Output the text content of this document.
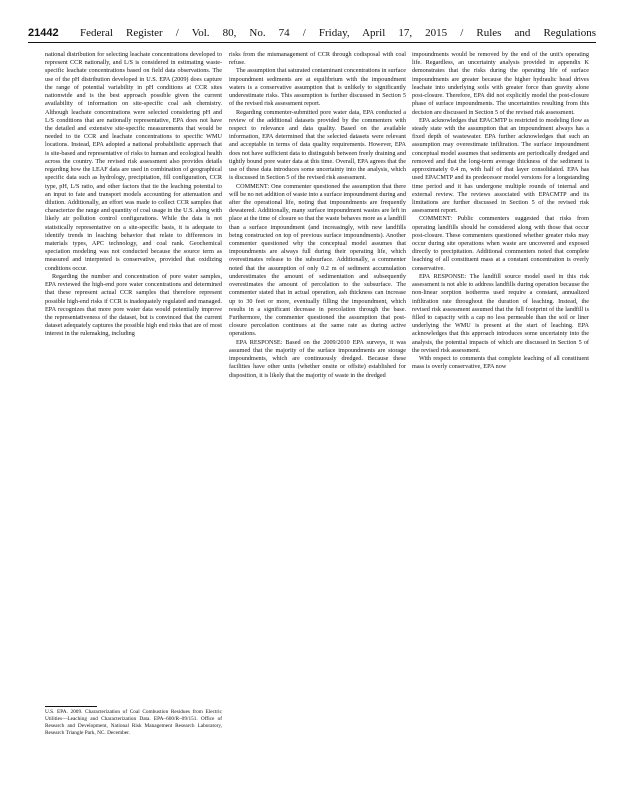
21442 Federal Register / Vol. 80, No. 74 / Friday, April 17, 2015 / Rules and Regulations

national distribution for selecting leachate concentrations developed to represent CCR nationally, and L/S is considered in estimating waste-specific leachate concentrations based on field data observations. The use of the pH distribution developed in U.S. EPA (2009) does capture the range of potential variability in pH conditions at CCR sites nationwide and is the best approach possible given the current availability of information on site-specific coal ash chemistry. Although leachate concentrations were selected considering pH and L/S conditions that are nationally representative, EPA does not have the detailed and extensive site-specific measurements that would be needed to tie CCR and leachate concentrations to specific WMU locations. Instead, EPA adopted a national probabilistic approach that is site-based and representative of risks to human and ecological health across the country. The revised risk assessment also provides details regarding how the LEAF data are used in combination of geographical specific data such as hydrology, precipitation, fill configuration, CCR type, pH, L/S ratio, and other factors that tie the leaching potential to an input to fate and transport models accounting for attenuation and dilution. Additionally, an effort was made to collect CCR samples that characterize the range and quantity of coal usage in the U.S. along with likely air pollution control configurations. While the data is not statistically representative on a site-specific basis, it is adequate to identify trends in leaching behavior that relate to differences in materials types, APC technology, and coal rank. Geochemical speciation modeling was not conducted because the source term as measured and interpreted is conservative, provided that oxidizing conditions occur.

Regarding the number and concentration of pore water samples, EPA reviewed the high-end pore water concentrations and determined that these represent actual CCR samples that therefore represent possible high-end risks if CCR is inadequately regulated and managed. EPA recognizes that more pore water data would potentially improve the representativeness of the dataset, but is convinced that the current dataset adequately captures the possible high end risks that are of most interest in the rulemaking, including

risks from the mismanagement of CCR through codisposal with coal refuse.

The assumption that saturated contaminant concentrations in surface impoundment sediments are at equilibrium with the impoundment waters is a conservative assumption that is unlikely to significantly underestimate risks. This assumption is further discussed in Section 5 of the revised risk assessment report.

Regarding commenter-submitted pore water data, EPA conducted a review of the additional datasets provided by the commenters with respect to relevance and data quality. Based on the available information, EPA determined that the selected datasets were relevant and acceptable in terms of data quality requirements. However, EPA does not have sufficient data to distinguish between freely draining and tightly bound pore water data at this time. Overall, EPA agrees that the use of these data introduces some uncertainty into the analysis, which is discussed in Section 5 of the revised risk assessment.

COMMENT: One commenter questioned the assumption that there will be no net addition of waste into a surface impoundment during and after the operational life, noting that impoundments are frequently dewatered. Additionally, many surface impoundment wastes are left in place at the time of closure so that the waste behaves more as a landfill than a surface impoundment (and increasingly, with new landfills being constructed on top of previous surface impoundments). Another commenter questioned why the conceptual model assumes that impoundments are always full during their operating life, which overestimates release to the subsurface. Additionally, a commenter noted that the assumption of only 0.2 m of sediment accumulation underestimates the amount of sedimentation and subsequently overestimates the amount of percolation to the subsurface. The commenter stated that in actual operation, ash thickness can increase up to 30 feet or more, eventually filling the impoundment, which results in a significant decrease in percolation through the base. Furthermore, the commenter questioned the assumption that post-closure percolation continues at the same rate as during active operations.

EPA RESPONSE: Based on the 2009/2010 EPA surveys, it was assumed that the majority of the surface impoundments are storage impoundments, which are continuously dredged. Because these facilities have other units (whether onsite or offsite) established for disposition, it is likely that the majority of waste in the dredged

impoundments would be removed by the end of the unit's operating life. Regardless, an uncertainty analysis provided in appendix K demonstrates that the risks during the operating life of surface impoundments are greater because the higher hydraulic head drives leachate into underlying soils with greater force than gravity alone post-closure. Therefore, EPA did not explicitly model the post-closure phase of surface impoundments. The uncertainties resulting from this decision are discussed in Section 5 of the revised risk assessment.

EPA acknowledges that EPACMTP is restricted to modeling flow as steady state with the assumption that an impoundment always has a fixed depth of wastewater. EPA further acknowledges that such an assumption may overestimate infiltration. The surface impoundment conceptual model assumes that sediments are periodically dredged and removed and that the long-term average thickness of the sediment is approximately 0.4 m, with half of that layer consolidated. EPA has used EPACMTP and its predecessor model versions for a longstanding time period and it has undergone multiple rounds of internal and external review. The reviews associated with EPACMTP and its limitations are further discussed in Section 5 of the revised risk assessment report.

COMMENT: Public commenters suggested that risks from operating landfills should be considered along with those that occur post-closure. These commenters questioned whether greater risks may occur during site operations when waste are uncovered and exposed directly to precipitation. Additional commenters noted that complete leaching of all constituent mass at a constant concentration is overly conservative.

EPA RESPONSE: The landfill source model used in this risk assessment is not able to address landfills during operation because the non-linear sorption isotherms used require a constant, annualized infiltration rate throughout the duration of leaching. Instead, the revised risk assessment assumed that the full footprint of the landfill is filled to capacity with a cap no less permeable than the soil or liner underlying the WMU is present at the start of leaching. EPA acknowledges that this approach introduces some uncertainty into the analysis, the potential impacts of which are discussed in Section 5 of the revised risk assessment.

With respect to comments that complete leaching of all constituent mass is overly conservative, EPA now

U.S. EPA. 2009. Characterization of Coal Combustion Residues from Electric Utilities—Leaching and Characterization Data. EPA–600/R–09/151. Office of Research and Development, National Risk Management Research Laboratory, Research Triangle Park, NC. December.
